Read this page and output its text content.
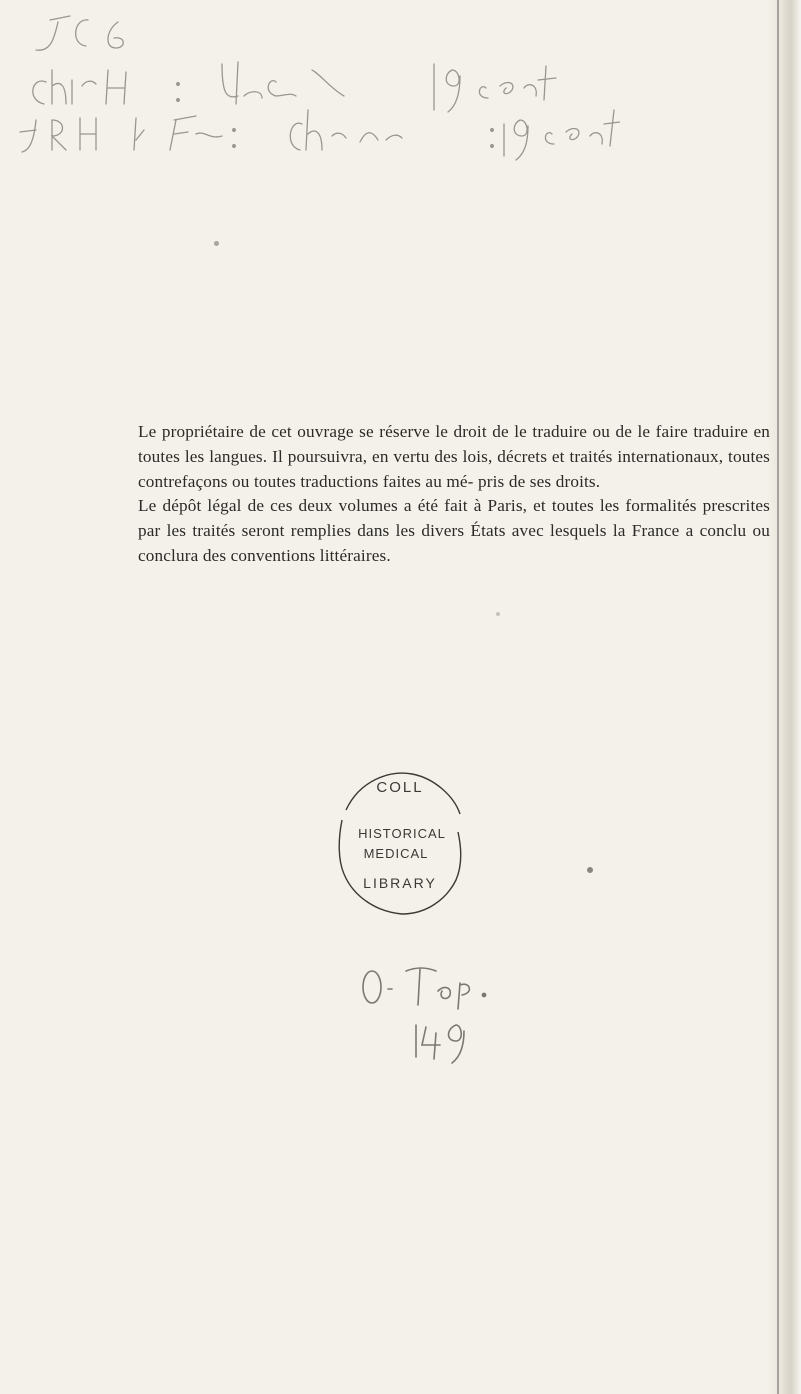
Le propriétaire de cet ouvrage se réserve le droit de le traduire ou de le faire traduire en toutes les langues. Il poursuivra, en vertu des lois, décrets et traités internationaux, toutes contrefaçons ou toutes traductions faites au mé- pris de ses droits.

Le dépôt légal de ces deux volumes a été fait à Paris, et toutes les formalités prescrites par les traités seront remplies dans les divers États avec lesquels la France a conclu ou conclura des conventions littéraires.

COLL
HISTORICAL
MEDICAL
LIBRARY
